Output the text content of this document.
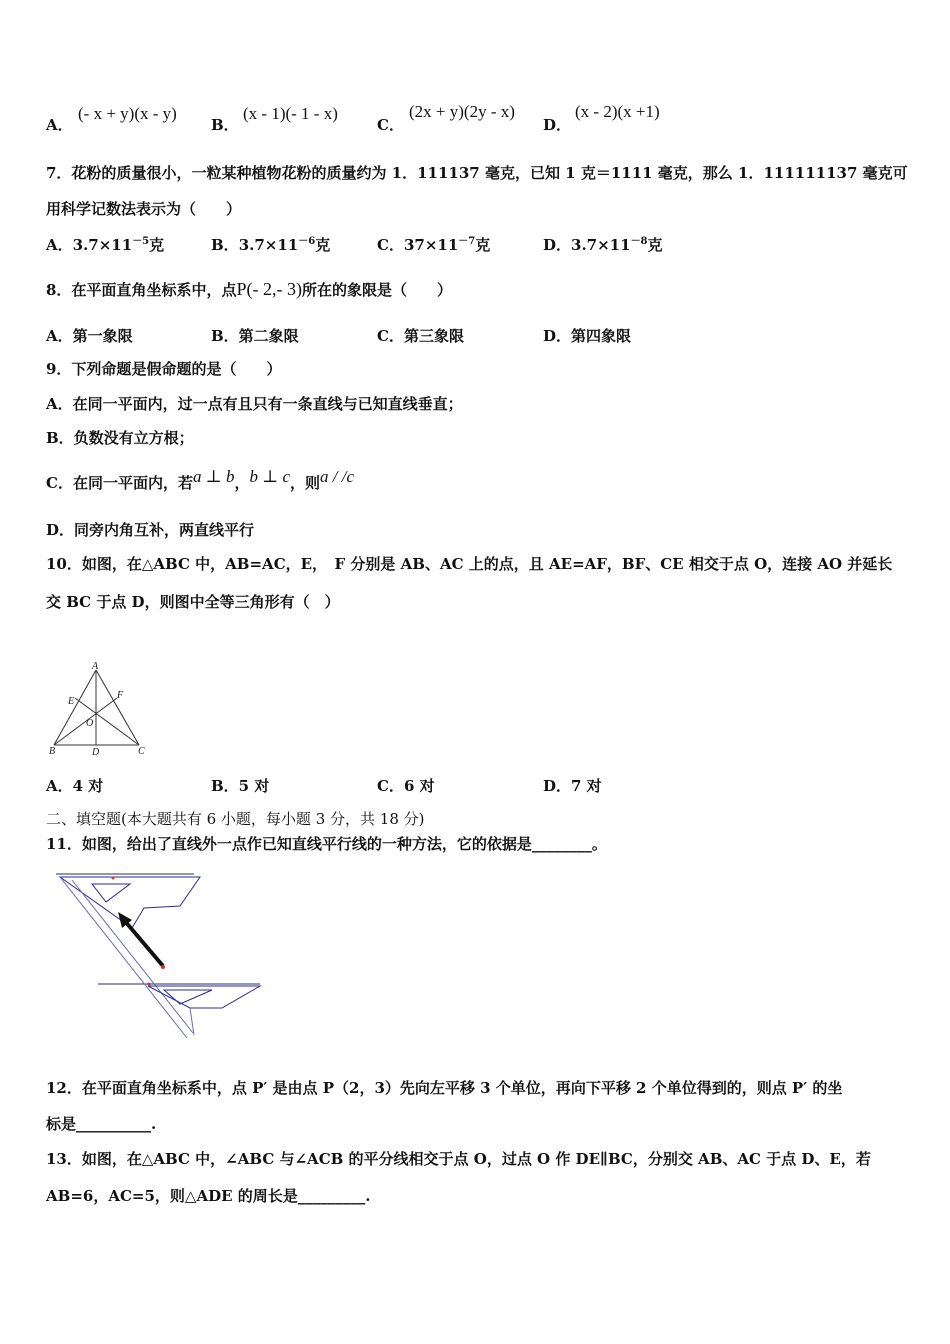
A．
(- x + y)(x - y)
B．
(x - 1)(- 1 - x)
C．
(2x + y)(2y - x)
D．
(x - 2)(x +1)
7．花粉的质量很小，一粒某种植物花粉的质量约为 1．111137 毫克，已知 1 克＝1111 毫克，那么 1．111111137 毫克可
用科学记数法表示为（　　）
A．$3.7\times 11^{-5}$克	B．$3.7\times 11^{-6}$克	C．$37\times 11^{-7}$克	D．$3.7\times 11^{-8}$克
8．在平面直角坐标系中，点P(- 2,- 3)所在的象限是（　　）
A．第一象限	B．第二象限	C．第三象限	D．第四象限
9．下列命题是假命题的是（　　）
A．在同一平面内，过一点有且只有一条直线与已知直线垂直；
B．负数没有立方根；
C．在同一平面内，若a ⊥ b，b ⊥ c，则a / /c
D．同旁内角互补，两直线平行
10．如图，在△ABC 中，AB=AC，E，　F 分别是 AB、AC 上的点，且 AE=AF，BF、CE 相交于点 O，连接 AO 并延长
交 BC 于点 D，则图中全等三角形有（　）
A
B	C
D
E
F
O
A．4 对	B．5 对	C．6 对	D．7 对
二、填空题(本大题共有 6 小题，每小题 3 分，共 18 分)
11．如图，给出了直线外一点作已知直线平行线的一种方法，它的依据是________。
12．在平面直角坐标系中，点 P′ 是由点 P（2，3）先向左平移 3 个单位，再向下平移 2 个单位得到的，则点 P′ 的坐
标是__________.
13．如图，在△ABC 中，∠ABC 与∠ACB 的平分线相交于点 O，过点 O 作 DE∥BC，分别交 AB、AC 于点 D、E，若
AB=6，AC=5，则△ADE 的周长是_________.
